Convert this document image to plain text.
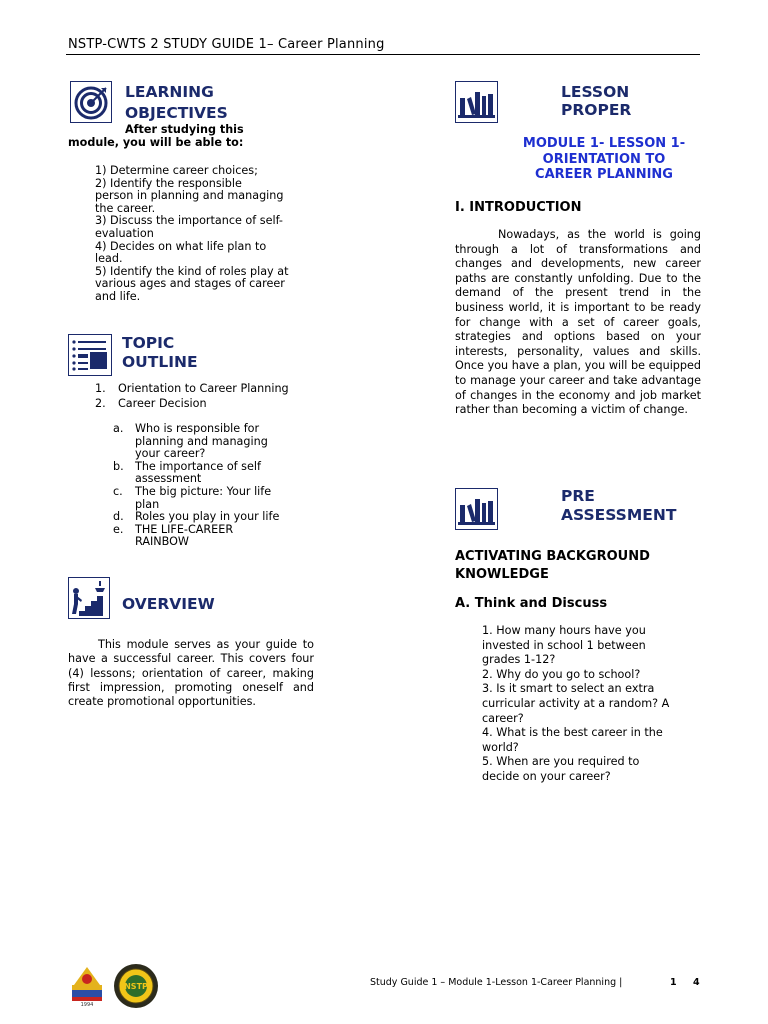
NSTP-CWTS 2 STUDY GUIDE 1– Career Planning
LEARNING
OBJECTIVES
After studying this
module, you will be able to:
1) Determine career choices;
2) Identify the responsible
person in planning and managing
the career.
3) Discuss the importance of self-
evaluation
4) Decides on what life plan to
lead.
5) Identify the kind of roles play at
various ages and stages of career
and life.
TOPIC
OUTLINE
1. Orientation to Career Planning
2. Career Decision
a.	Who is responsible for
planning and managing
your career?
b.	The importance of self
assessment
c.	The big picture: Your life
plan
d.	Roles you play in your life
e.	THE LIFE-CAREER
RAINBOW
OVERVIEW
This module serves as your guide to have a successful career. This covers four (4) lessons; orientation of career, making first impression, promoting oneself and create promotional opportunities.
LESSON
PROPER
MODULE 1- LESSON 1-
ORIENTATION TO
CAREER PLANNING
I. INTRODUCTION
Nowadays, as the world is going through a lot of transformations and changes and developments, new career paths are constantly unfolding. Due to the demand of the present trend in the business world, it is important to be ready for change with a set of career goals, strategies and options based on your interests, personality, values and skills. Once you have a plan, you will be equipped to manage your career and take advantage of changes in the economy and job market rather than becoming a victim of change.
PRE
ASSESSMENT
ACTIVATING BACKGROUND
KNOWLEDGE
A. Think and Discuss
1. How many hours have you
invested in school 1 between
grades 1-12?
2. Why do you go to school?
3. Is it smart to select an extra
curricular activity at a random? A
career?
4. What is the best career in the
world?
5. When are you required to
decide on your career?
1994
NSTP	Study Guide 1 – Module 1-Lesson 1-Career Planning |	1 4
